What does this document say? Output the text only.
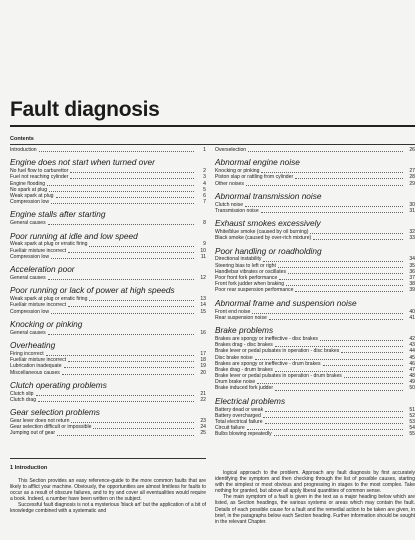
Fault diagnosis
Contents
Introduction	1
Engine does not start when turned over
No fuel flow to carburettor	2
Fuel not reaching cylinder	3
Engine flooding	4
No spark at plug	5
Weak spark at plug	6
Compression low	7
Engine stalls after starting
General causes	8
Poor running at idle and low speed
Weak spark at plug or erratic firing	9
Fuel/air mixture incorrect	10
Compression low	11
Acceleration poor
General causes	12
Poor running or lack of power at high speeds
Weak spark at plug or erratic firing	13
Fuel/air mixture incorrect	14
Compression low	15
Knocking or pinking
General causes	16
Overheating
Firing incorrect	17
Fuel/air mixture incorrect	18
Lubrication inadequate	19
Miscellaneous causes	20
Clutch operating problems
Clutch slip	21
Clutch drag	22
Gear selection problems
Gear lever does not return	23
Gear selection difficult or impossible	24
Jumping out of gear	25
Overselection	26
Abnormal engine noise
Knocking or pinking	27
Piston slap or rattling from cylinder	28
Other noises	29
Abnormal transmission noise
Clutch noise	30
Transmission noise	31
Exhaust smokes excessively
White/blue smoke (caused by oil burning)	32
Black smoke (caused by over-rich mixture)	33
Poor handling or roadholding
Directional instability	34
Steering bias to left or right	35
Handlebar vibrates or oscillates	36
Poor front fork performance	37
Front fork judder when braking	38
Poor rear suspension performance	39
Abnormal frame and suspension noise
Front end noise	40
Rear suspension noise	41
Brake problems
Brakes are spongy or ineffective - disc brakes	42
Brakes drag - disc brakes	43
Brake lever or pedal pulsates in operation - disc brakes	44
Disc brake noise	45
Brakes are spongy or ineffective - drum brakes	46
Brake drag - drum brakes	47
Brake lever or pedal pulsates in operation - drum brakes	48
Drum brake noise	49
Brake induced fork judder	50
Electrical problems
Battery dead or weak	51
Battery overcharged	52
Total electrical failure	53
Circuit failure	54
Bulbs blowing repeatedly	55
1 Introduction

This Section provides an easy reference-guide to the more common faults that are likely to afflict your machine. Obviously, the opportunities are almost limitless for faults to occur as a result of obscure failures, and to try and cover all eventualities would require a book. Indeed, a number have been written on the subject.

Successful fault diagnosis is not a mysterious 'black art' but the application of a bit of knowledge combined with a systematic and

logical approach to the problem. Approach any fault diagnosis by first accurately identifying the symptom and then checking through the list of possible causes, starting with the simplest or most obvious and progressing in stages to the most complex. Take nothing for granted, but above all apply liberal quantities of common sense.

The main symptom of a fault is given in the text as a major heading below which are listed, as Section headings, the various systems or areas which may contain the fault. Details of each possible cause for a fault and the remedial action to be taken are given, in brief, in the paragraphs below each Section heading. Further information should be sought in the relevant Chapter.
